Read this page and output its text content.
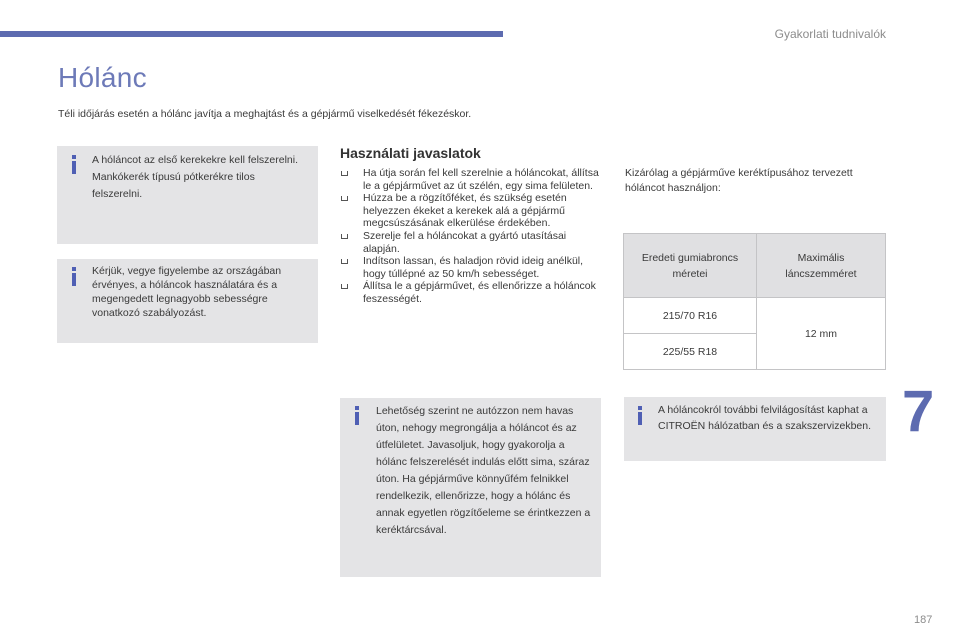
Gyakorlati tudnivalók
Hólánc

Téli időjárás esetén a hólánc javítja a meghajtást és a gépjármű viselkedését fékezéskor.

A hóláncot az első kerekekre kell felszerelni. Mankókerék típusú pótkerékre tilos felszerelni.

Kérjük, vegye figyelembe az országában érvényes, a hóláncok használatára és a megengedett legnagyobb sebességre vonatkozó szabályozást.

Használati javaslatok
Ha útja során fel kell szerelnie a hóláncokat, állítsa le a gépjárművet az út szélén, egy sima felületen.
Húzza be a rögzítőféket, és szükség esetén helyezzen ékeket a kerekek alá a gépjármű megcsúszásának elkerülése érdekében.
Szerelje fel a hóláncokat a gyártó utasításai alapján.
Indítson lassan, és haladjon rövid ideig anélkül, hogy túllépné az 50 km/h sebességet.
Állítsa le a gépjárművet, és ellenőrizze a hóláncok feszességét.

Lehetőség szerint ne autózzon nem havas úton, nehogy megrongálja a hóláncot és az útfelületet. Javasoljuk, hogy gyakorolja a hólánc felszerelését indulás előtt sima, száraz úton. Ha gépjárműve könnyűfém felnikkel rendelkezik, ellenőrizze, hogy a hólánc és annak egyetlen rögzítőeleme se érintkezzen a keréktárcsával.

Kizárólag a gépjárműve keréktípusához tervezett hóláncot használjon:

Eredeti gumiabroncs méretei	Maximális láncszemméret
215/70 R16	12 mm
225/55 R18	

A hóláncokról további felvilágosítást kaphat a CITROËN hálózatban és a szakszervizekben. 7
187
